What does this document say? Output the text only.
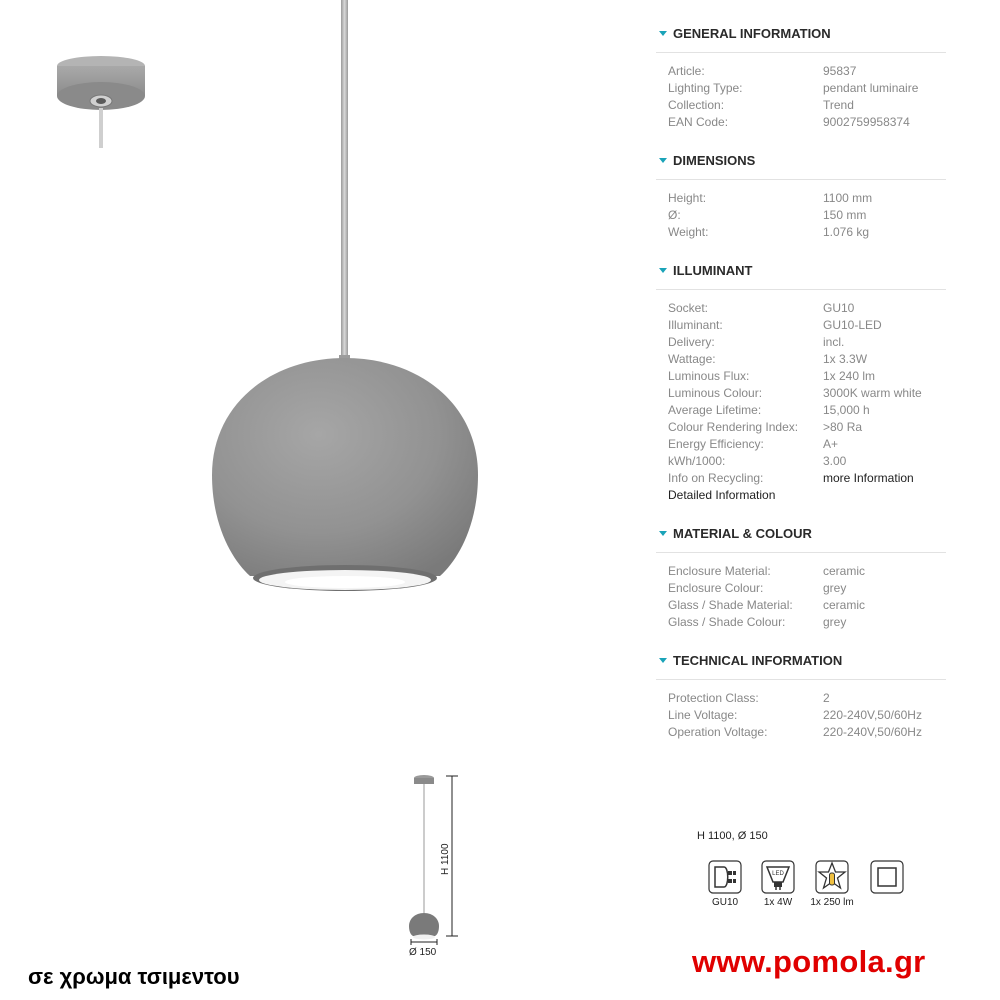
GENERAL INFORMATION
Article:	95837
Lighting Type:	pendant luminaire
Collection:	Trend
EAN Code:	9002759958374
DIMENSIONS
Height:	1100 mm
Ø:	150 mm
Weight:	1.076 kg
ILLUMINANT
Socket:	GU10
Illuminant:	GU10-LED
Delivery:	incl.
Wattage:	1x 3.3W
Luminous Flux:	1x 240 lm
Luminous Colour:	3000K warm white
Average Lifetime:	15,000 h
Colour Rendering Index:	>80 Ra
Energy Efficiency:	A+
kWh/1000:	3.00
Info on Recycling:	more Information
Detailed Information
MATERIAL & COLOUR
Enclosure Material:	ceramic
Enclosure Colour:	grey
Glass / Shade Material:	ceramic
Glass / Shade Colour:	grey
TECHNICAL INFORMATION
Protection Class:	2
Line Voltage:	220-240V,50/60Hz
Operation Voltage:	220-240V,50/60Hz
H 1100
Ø 150
H 1100, Ø 150
LED
GU10	1x 4W	1x 250 lm
σε χρωμα τσιμεντου	www.pomola.gr
